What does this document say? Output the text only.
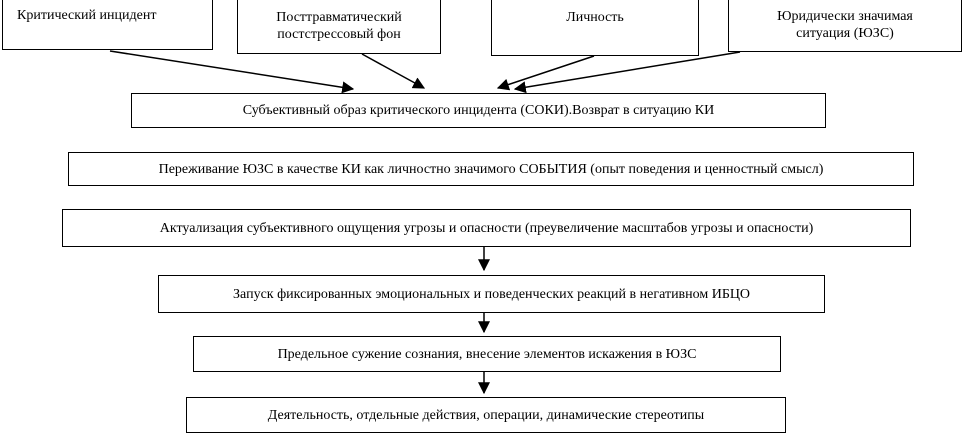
Критический инцидент	Посттравматический
постстрессовый фон
Личность	Юридически значимая
ситуация (ЮЗС)
Субъективный образ критического инцидента (СОКИ).Возврат в ситуацию КИ
Переживание ЮЗС в качестве КИ как личностно значимого СОБЫТИЯ (опыт поведения и ценностный смысл)
Актуализация субъективного ощущения угрозы и опасности (преувеличение масштабов угрозы и опасности)
Запуск фиксированных эмоциональных и поведенческих реакций в негативном ИБЦО
Предельное сужение сознания, внесение элементов искажения в ЮЗС
Деятельность, отдельные действия, операции, динамические стереотипы
